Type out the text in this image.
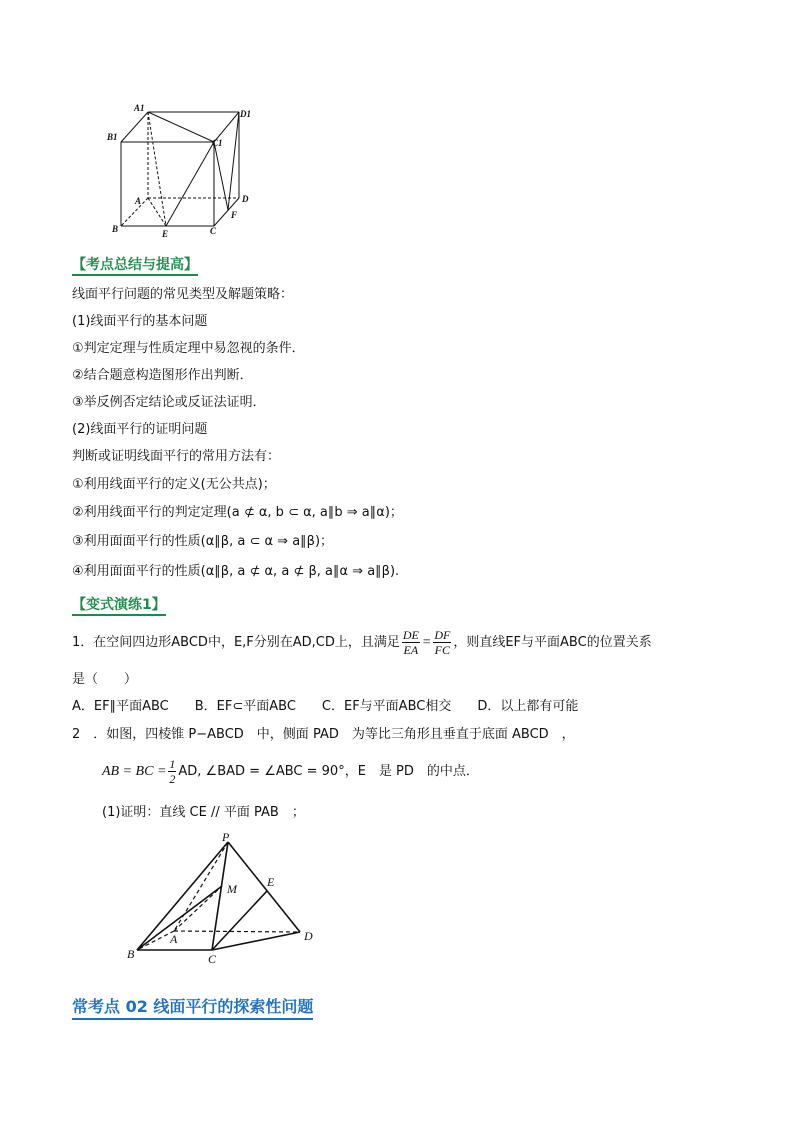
A1
D1
B1
C1
A	D
B	E	C
F
【考点总结与提高】
线面平行问题的常见类型及解题策略：
(1)线面平行的基本问题
①判定定理与性质定理中易忽视的条件．
②结合题意构造图形作出判断．
③举反例否定结论或反证法证明．
(2)线面平行的证明问题
判断或证明线面平行的常用方法有：
①利用线面平行的定义(无公共点)；
②利用线面平行的判定定理(a ⊄ α, b ⊂ α, a∥b ⇒ a∥α)；
③利用面面平行的性质(α∥β, a ⊂ α ⇒ a∥β)；
④利用面面平行的性质(α∥β, a ⊄ α, a ⊄ β, a∥α ⇒ a∥β).
【变式演练1】
1．在空间四边形ABCD中，E,F分别在AD,CD上，且满足 $\frac{DE}{EA} = \frac{DF}{FC}$ ，则直线EF与平面ABC的位置关系
是（　　）
A．EF∥平面ABC　　B．EF⊂平面ABC　　C．EF与平面ABC相交　　D．以上都有可能
2　．如图，四棱锥 P−ABCD　中，侧面 PAD　为等比三角形且垂直于底面 ABCD　，
AB = BC = $\frac{1}{2}$ AD, ∠BAD = ∠ABC = 90°，E　是 PD　的中点．
(1)证明：直线 CE // 平面 PAB　；
P
M	E
A	D
B	C
常考点 02 线面平行的探索性问题
